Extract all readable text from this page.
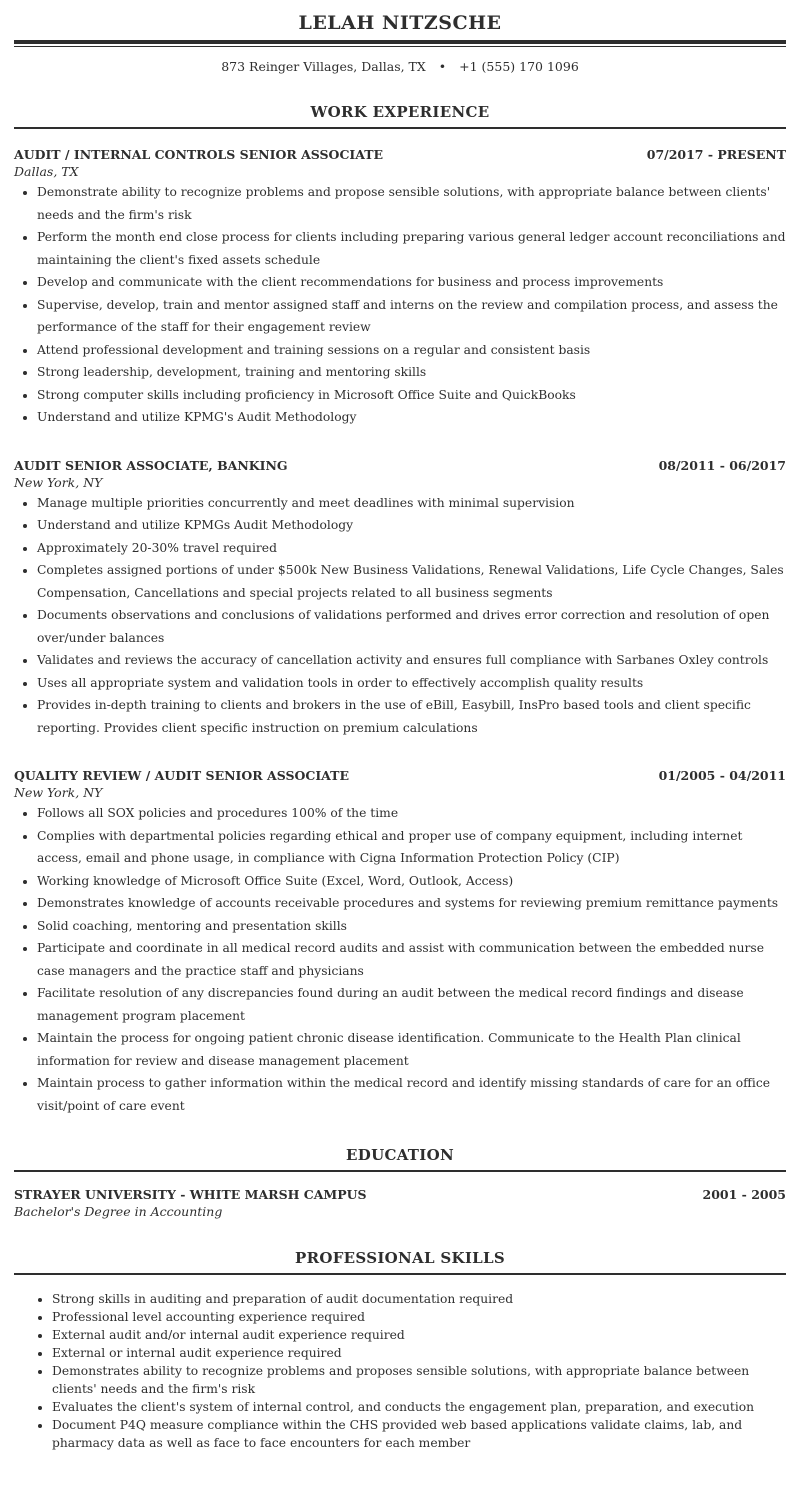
LELAH NITZSCHE
873 Reinger Villages, Dallas, TX • +1 (555) 170 1096
WORK EXPERIENCE
AUDIT / INTERNAL CONTROLS SENIOR ASSOCIATE	07/2017 - PRESENT
Dallas, TX
• Demonstrate ability to recognize problems and propose sensible solutions, with appropriate balance between clients' needs and the firm's risk
• Perform the month end close process for clients including preparing various general ledger account reconciliations and maintaining the client's fixed assets schedule
• Develop and communicate with the client recommendations for business and process improvements
• Supervise, develop, train and mentor assigned staff and interns on the review and compilation process, and assess the performance of the staff for their engagement review
• Attend professional development and training sessions on a regular and consistent basis
• Strong leadership, development, training and mentoring skills
• Strong computer skills including proficiency in Microsoft Office Suite and QuickBooks
• Understand and utilize KPMG's Audit Methodology
AUDIT SENIOR ASSOCIATE, BANKING	08/2011 - 06/2017
New York, NY
• Manage multiple priorities concurrently and meet deadlines with minimal supervision
• Understand and utilize KPMGs Audit Methodology
• Approximately 20-30% travel required
• Completes assigned portions of under $500k New Business Validations, Renewal Validations, Life Cycle Changes, Sales Compensation, Cancellations and special projects related to all business segments
• Documents observations and conclusions of validations performed and drives error correction and resolution of open over/under balances
• Validates and reviews the accuracy of cancellation activity and ensures full compliance with Sarbanes Oxley controls
• Uses all appropriate system and validation tools in order to effectively accomplish quality results
• Provides in-depth training to clients and brokers in the use of eBill, Easybill, InsPro based tools and client specific reporting. Provides client specific instruction on premium calculations
QUALITY REVIEW / AUDIT SENIOR ASSOCIATE	01/2005 - 04/2011
New York, NY
• Follows all SOX policies and procedures 100% of the time
• Complies with departmental policies regarding ethical and proper use of company equipment, including internet access, email and phone usage, in compliance with Cigna Information Protection Policy (CIP)
• Working knowledge of Microsoft Office Suite (Excel, Word, Outlook, Access)
• Demonstrates knowledge of accounts receivable procedures and systems for reviewing premium remittance payments
• Solid coaching, mentoring and presentation skills
• Participate and coordinate in all medical record audits and assist with communication between the embedded nurse case managers and the practice staff and physicians
• Facilitate resolution of any discrepancies found during an audit between the medical record findings and disease management program placement
• Maintain the process for ongoing patient chronic disease identification. Communicate to the Health Plan clinical information for review and disease management placement
• Maintain process to gather information within the medical record and identify missing standards of care for an office visit/point of care event
EDUCATION
STRAYER UNIVERSITY - WHITE MARSH CAMPUS	2001 - 2005
Bachelor's Degree in Accounting
PROFESSIONAL SKILLS
• Strong skills in auditing and preparation of audit documentation required
• Professional level accounting experience required
• External audit and/or internal audit experience required
• External or internal audit experience required
• Demonstrates ability to recognize problems and proposes sensible solutions, with appropriate balance between clients' needs and the firm's risk
• Evaluates the client's system of internal control, and conducts the engagement plan, preparation, and execution
• Document P4Q measure compliance within the CHS provided web based applications validate claims, lab, and pharmacy data as well as face to face encounters for each member
